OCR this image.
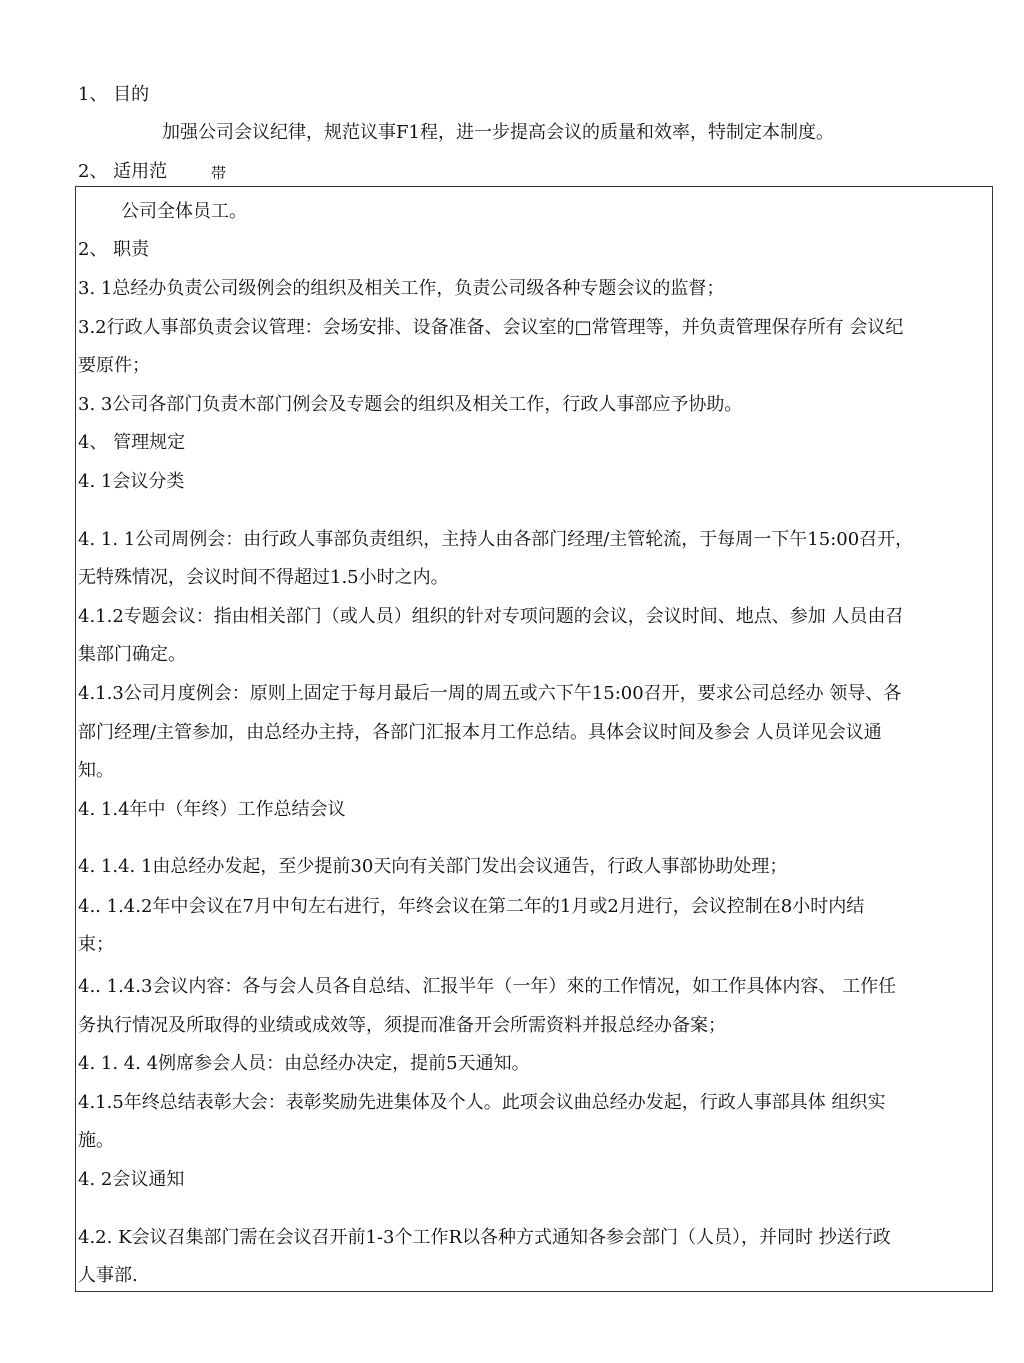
1、 目的
加强公司会议纪律，规范议事F1程，进一步提高会议的质量和效率，特制定本制度。
2、 适用范	帯
公司全体员工。
2、 职责
3. 1总经办负责公司级例会的组织及相关工作，负责公司级各种专题会议的监督；
3.2行政人事部负责会议管理：会场安排、设备准备、会议室的□常管理等，并负责管理保存所有 会议纪
要原件；
3. 3公司各部门负责木部门例会及专题会的组织及相关工作，行政人事部应予协助。
4、 管理规定
4. 1会议分类
4. 1. 1公司周例会：由行政人事部负责组织，主持人由各部门经理/主管轮流，于每周一下午15:00召开，
无特殊情况，会议时间不得超过1.5小时之内。
4.1.2专题会议：指由相关部门（或人员）组织的针对专项问题的会议，会议时间、地点、参加 人员由召
集部门确定。
4.1.3公司月度例会：原则上固定于每月最后一周的周五或六下午15:00召开，要求公司总经办 领导、各
部门经理/主管参加，由总经办主持，各部门汇报本月工作总结。具体会议时间及参会 人员详见会议通
知。
4. 1.4年中（年终）工作总结会议
4. 1.4. 1由总经办发起，至少提前30天向有关部门发出会议通告，行政人事部协助处理；
4.. 1.4.2年中会议在7月中旬左右进行，年终会议在第二年的1月或2月进行，会议控制在8小时内结
束；
4.. 1.4.3会议内容：各与会人员各自总结、汇报半年（一年）來的工作情况，如工作具体内容、 工作任
务执行情况及所取得的业绩或成效等，须提而准备开会所需资料并报总经办备案；
4. 1. 4. 4例席参会人员：由总经办决定，提前5天通知。
4.1.5年终总结表彰大会：表彰奖励先进集体及个人。此项会议曲总经办发起，行政人事部具体 组织实
施。
4. 2会议通知
4.2. K会议召集部门需在会议召开前1-3个工作R以各种方式通知各参会部门（人员），并同时 抄送行政
人事部.
